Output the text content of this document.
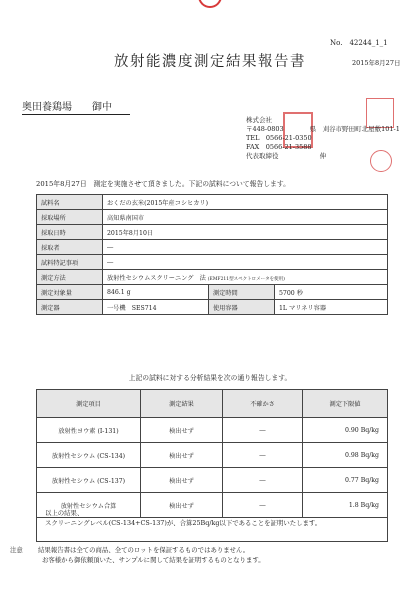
No.　42244_1_1
放射能濃度測定結果報告書	2015年8月27日
奥田養鶏場　　御中
株式会社
〒448-0803　　　　県　刈谷市野田町北屋敷101-1
TEL　0566-21-0350
FAX　0566-21-3588
代表取締役　　　　　　 伸
2015年8月27日　測定を実施させて頂きました。下記の試料について報告します。
試料名	おくだの玄米(2015年産コシヒカリ)		
採取場所	高知県南国市		
採取日時	2015年8月10日		
採取者	―		
試料特記事項	―		
測定方法	放射性セシウムスクリーニング　法 (EMF211型スペクトロメータを使用)		
測定対象量	846.1 g	測定時間	5700 秒
測定器	一号機　SES714	使用容器	1L マリネリ容器
上記の試料に対する分析結果を次の通り報告します。
測定項目	測定結果	不確かさ	測定下限値
放射性ヨウ素 (I-131)	検出せず	―	0.90 Bq/kg
放射性セシウム (CS-134)	検出せず	―	0.98 Bq/kg
放射性セシウム (CS-137)	検出せず	―	0.77 Bq/kg
放射性セシウム合算	検出せず	―	1.8 Bq/kg
以上の結果、
スクリーニングレベル(CS-134+CS-137)が、合算25Bq/kg以下であることを証明いたします。
注意 結果報告書は全ての商品、全てのロットを保証するものではありません。
お客様から御依頼頂いた、サンプルに関して結果を証明するものとなります。
